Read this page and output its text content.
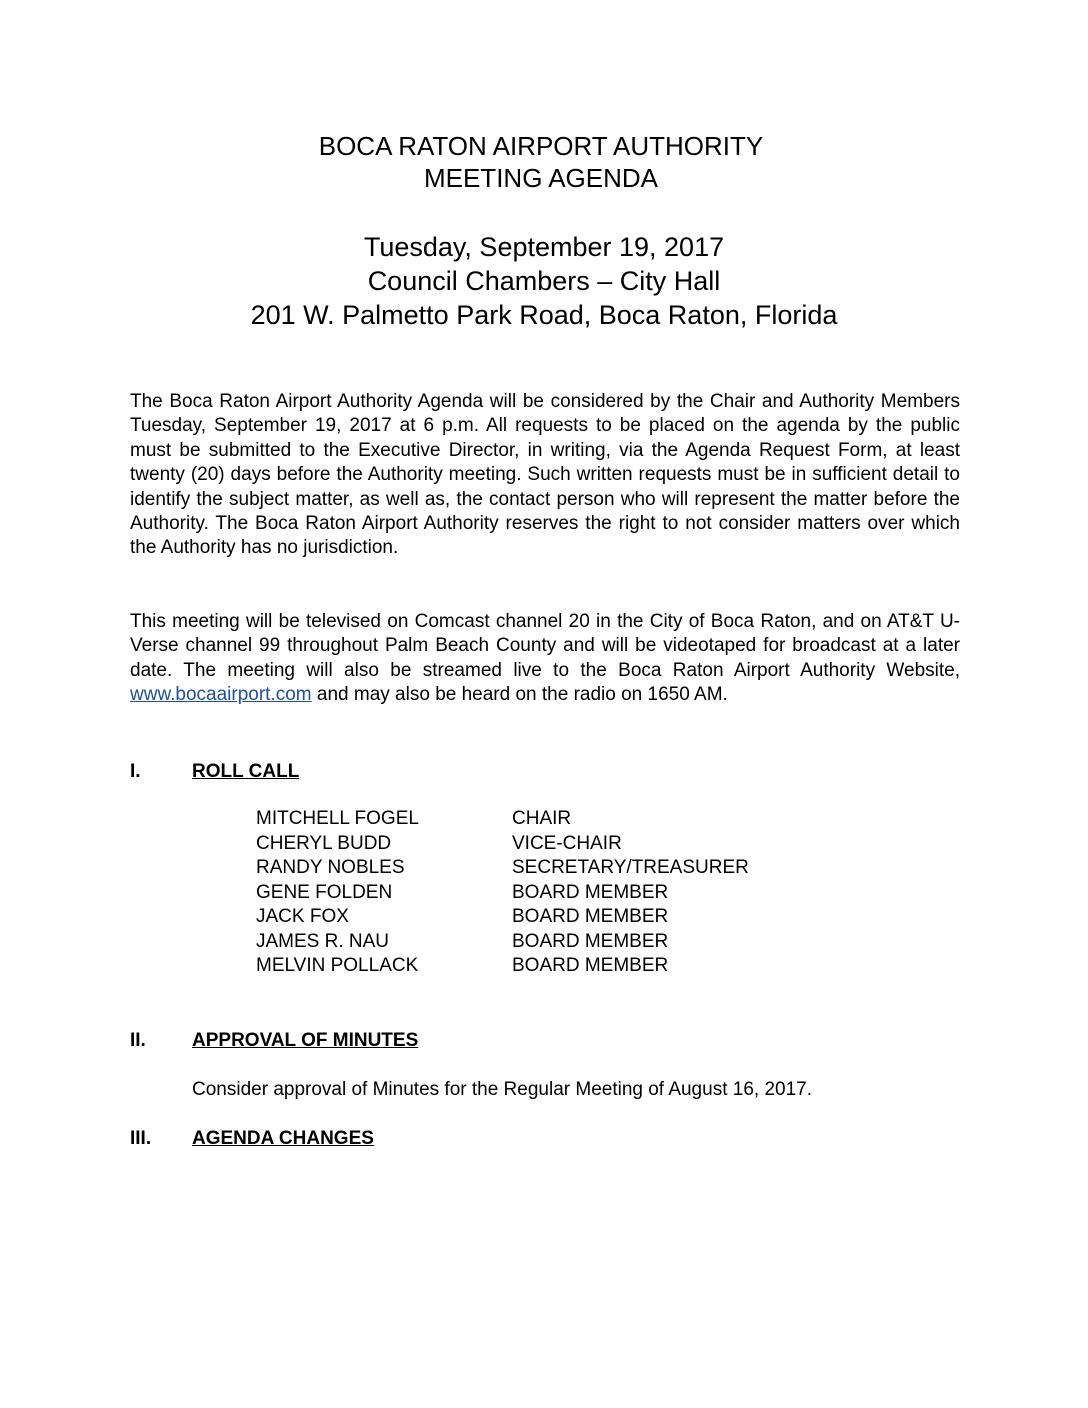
BOCA RATON AIRPORT AUTHORITY
MEETING AGENDA
Tuesday, September 19, 2017
Council Chambers – City Hall
201 W. Palmetto Park Road, Boca Raton, Florida
The Boca Raton Airport Authority Agenda will be considered by the Chair and Authority Members Tuesday, September 19, 2017 at 6 p.m. All requests to be placed on the agenda by the public must be submitted to the Executive Director, in writing, via the Agenda Request Form, at least twenty (20) days before the Authority meeting. Such written requests must be in sufficient detail to identify the subject matter, as well as, the contact person who will represent the matter before the Authority. The Boca Raton Airport Authority reserves the right to not consider matters over which the Authority has no jurisdiction.
This meeting will be televised on Comcast channel 20 in the City of Boca Raton, and on AT&T U-Verse channel 99 throughout Palm Beach County and will be videotaped for broadcast at a later date. The meeting will also be streamed live to the Boca Raton Airport Authority Website, www.bocaairport.com and may also be heard on the radio on 1650 AM.
I.	ROLL CALL
MITCHELL FOGEL	CHAIR
CHERYL BUDD	VICE-CHAIR
RANDY NOBLES	SECRETARY/TREASURER
GENE FOLDEN	BOARD MEMBER
JACK FOX	BOARD MEMBER
JAMES R. NAU	BOARD MEMBER
MELVIN POLLACK	BOARD MEMBER
II. APPROVAL OF MINUTES
Consider approval of Minutes for the Regular Meeting of August 16, 2017.
III. AGENDA CHANGES
